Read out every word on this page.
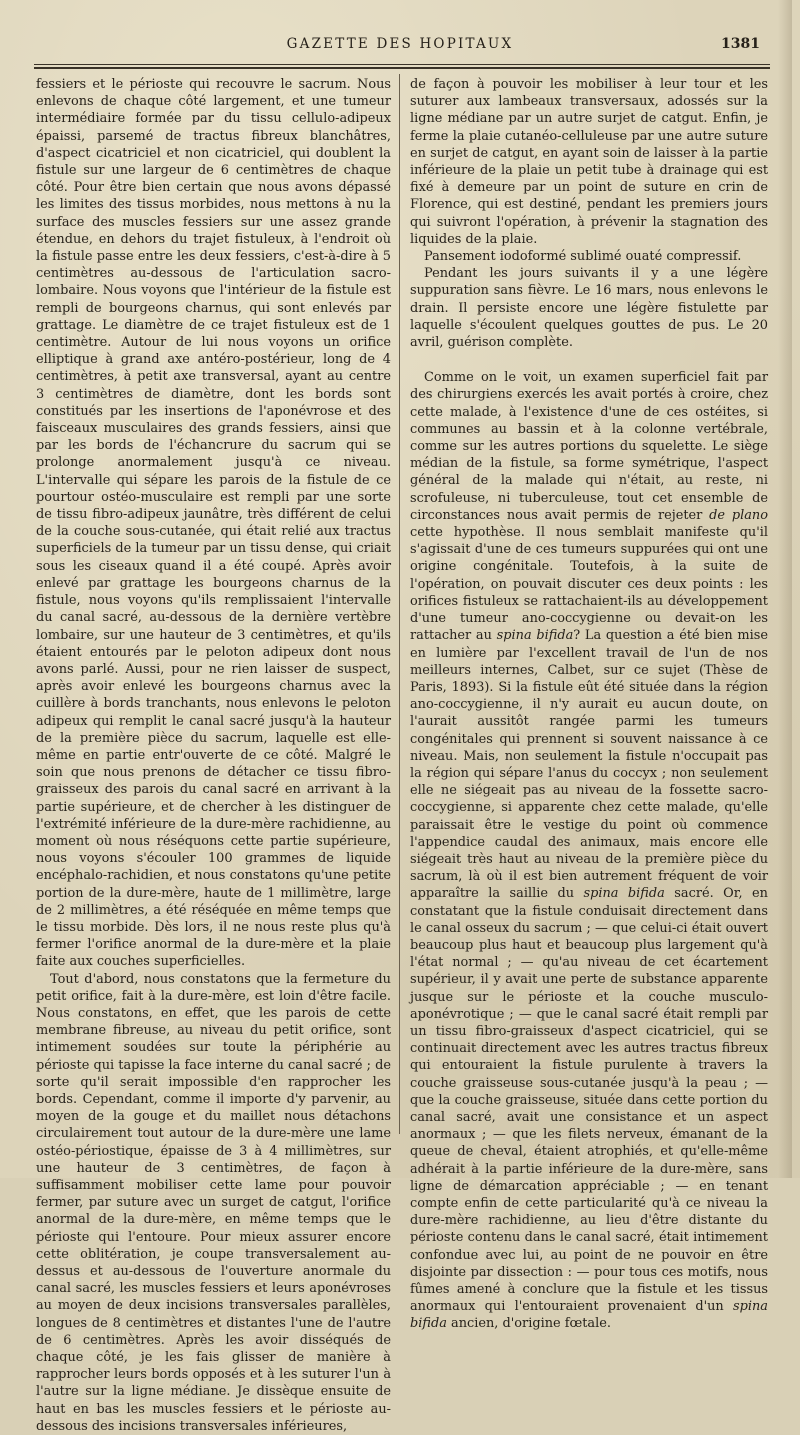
GAZETTE DES HOPITAUX	1381

fessiers et le périoste qui recouvre le sacrum. Nous enlevons de chaque côté largement, et une tumeur intermédiaire formée par du tissu cellulo-adipeux épaissi, parsemé de tractus fibreux blanchâtres, d'aspect cicatriciel et non cicatriciel, qui doublent la fistule sur une largeur de 6 centimètres de chaque côté. Pour être bien certain que nous avons dépassé les limites des tissus morbides, nous mettons à nu la surface des muscles fessiers sur une assez grande étendue, en dehors du trajet fistuleux, à l'endroit où la fistule passe entre les deux fessiers, c'est-à-dire à 5 centimètres au-dessous de l'articulation sacro-lombaire. Nous voyons que l'intérieur de la fistule est rempli de bourgeons charnus, qui sont enlevés par grattage. Le diamètre de ce trajet fistuleux est de 1 centimètre. Autour de lui nous voyons un orifice elliptique à grand axe antéro-postérieur, long de 4 centimètres, à petit axe transversal, ayant au centre 3 centimètres de diamètre, dont les bords sont constitués par les insertions de l'aponévrose et des faisceaux musculaires des grands fessiers, ainsi que par les bords de l'échancrure du sacrum qui se prolonge anormalement jusqu'à ce niveau. L'intervalle qui sépare les parois de la fistule de ce pourtour ostéo-musculaire est rempli par une sorte de tissu fibro-adipeux jaunâtre, très différent de celui de la couche sous-cutanée, qui était relié aux tractus superficiels de la tumeur par un tissu dense, qui criait sous les ciseaux quand il a été coupé. Après avoir enlevé par grattage les bourgeons charnus de la fistule, nous voyons qu'ils remplissaient l'intervalle du canal sacré, au-dessous de la dernière vertèbre lombaire, sur une hauteur de 3 centimètres, et qu'ils étaient entourés par le peloton adipeux dont nous avons parlé. Aussi, pour ne rien laisser de suspect, après avoir enlevé les bourgeons charnus avec la cuillère à bords tranchants, nous enlevons le peloton adipeux qui remplit le canal sacré jusqu'à la hauteur de la première pièce du sacrum, laquelle est elle-même en partie entr'ouverte de ce côté. Malgré le soin que nous prenons de détacher ce tissu fibro-graisseux des parois du canal sacré en arrivant à la partie supérieure, et de chercher à les distinguer de l'extrémité inférieure de la dure-mère rachidienne, au moment où nous réséquons cette partie supérieure, nous voyons s'écouler 100 grammes de liquide encéphalo-rachidien, et nous constatons qu'une petite portion de la dure-mère, haute de 1 millimètre, large de 2 millimètres, a été réséquée en même temps que le tissu morbide. Dès lors, il ne nous reste plus qu'à fermer l'orifice anormal de la dure-mère et la plaie faite aux couches superficielles.

Tout d'abord, nous constatons que la fermeture du petit orifice, fait à la dure-mère, est loin d'être facile. Nous constatons, en effet, que les parois de cette membrane fibreuse, au niveau du petit orifice, sont intimement soudées sur toute la périphérie au périoste qui tapisse la face interne du canal sacré ; de sorte qu'il serait impossible d'en rapprocher les bords. Cependant, comme il importe d'y parvenir, au moyen de la gouge et du maillet nous détachons circulairement tout autour de la dure-mère une lame ostéo-périostique, épaisse de 3 à 4 millimètres, sur une hauteur de 3 centimètres, de façon à suffisamment mobiliser cette lame pour pouvoir fermer, par suture avec un surget de catgut, l'orifice anormal de la dure-mère, en même temps que le périoste qui l'entoure. Pour mieux assurer encore cette oblitération, je coupe transversalement au-dessus et au-dessous de l'ouverture anormale du canal sacré, les muscles fessiers et leurs aponévroses au moyen de deux incisions transversales parallèles, longues de 8 centimètres et distantes l'une de l'autre de 6 centimètres. Après les avoir disséqués de chaque côté, je les fais glisser de manière à rapprocher leurs bords opposés et à les suturer l'un à l'autre sur la ligne médiane. Je dissèque ensuite de haut en bas les muscles fessiers et le périoste au-dessous des incisions transversales inférieures,

de façon à pouvoir les mobiliser à leur tour et les suturer aux lambeaux transversaux, adossés sur la ligne médiane par un autre surjet de catgut. Enfin, je ferme la plaie cutanéo-celluleuse par une autre suture en surjet de catgut, en ayant soin de laisser à la partie inférieure de la plaie un petit tube à drainage qui est fixé à demeure par un point de suture en crin de Florence, qui est destiné, pendant les premiers jours qui suivront l'opération, à prévenir la stagnation des liquides de la plaie.

Pansement iodoformé sublimé ouaté compressif.

Pendant les jours suivants il y a une légère suppuration sans fièvre. Le 16 mars, nous enlevons le drain. Il persiste encore une légère fistulette par laquelle s'écoulent quelques gouttes de pus. Le 20 avril, guérison complète.

Comme on le voit, un examen superficiel fait par des chirurgiens exercés les avait portés à croire, chez cette malade, à l'existence d'une de ces ostéites, si communes au bassin et à la colonne vertébrale, comme sur les autres portions du squelette. Le siège médian de la fistule, sa forme symétrique, l'aspect général de la malade qui n'était, au reste, ni scrofuleuse, ni tuberculeuse, tout cet ensemble de circonstances nous avait permis de rejeter de plano cette hypothèse. Il nous semblait manifeste qu'il s'agissait d'une de ces tumeurs suppurées qui ont une origine congénitale. Toutefois, à la suite de l'opération, on pouvait discuter ces deux points : les orifices fistuleux se rattachaient-ils au développement d'une tumeur ano-coccygienne ou devait-on les rattacher au spina bifida? La question a été bien mise en lumière par l'excellent travail de l'un de nos meilleurs internes, Calbet, sur ce sujet (Thèse de Paris, 1893). Si la fistule eût été située dans la région ano-coccygienne, il n'y aurait eu aucun doute, on l'aurait aussitôt rangée parmi les tumeurs congénitales qui prennent si souvent naissance à ce niveau. Mais, non seulement la fistule n'occupait pas la région qui sépare l'anus du coccyx ; non seulement elle ne siégeait pas au niveau de la fossette sacro-coccygienne, si apparente chez cette malade, qu'elle paraissait être le vestige du point où commence l'appendice caudal des animaux, mais encore elle siégeait très haut au niveau de la première pièce du sacrum, là où il est bien autrement fréquent de voir apparaître la saillie du spina bifida sacré. Or, en constatant que la fistule conduisait directement dans le canal osseux du sacrum ; — que celui-ci était ouvert beaucoup plus haut et beaucoup plus largement qu'à l'état normal ; — qu'au niveau de cet écartement supérieur, il y avait une perte de substance apparente jusque sur le périoste et la couche musculo-aponévrotique ; — que le canal sacré était rempli par un tissu fibro-graisseux d'aspect cicatriciel, qui se continuait directement avec les autres tractus fibreux qui entouraient la fistule purulente à travers la couche graisseuse sous-cutanée jusqu'à la peau ; — que la couche graisseuse, située dans cette portion du canal sacré, avait une consistance et un aspect anormaux ; — que les filets nerveux, émanant de la queue de cheval, étaient atrophiés, et qu'elle-même adhérait à la partie inférieure de la dure-mère, sans ligne de démarcation appréciable ; — en tenant compte enfin de cette particularité qu'à ce niveau la dure-mère rachidienne, au lieu d'être distante du périoste contenu dans le canal sacré, était intimement confondue avec lui, au point de ne pouvoir en être disjointe par dissection : — pour tous ces motifs, nous fûmes amené à conclure que la fistule et les tissus anormaux qui l'entouraient provenaient d'un spina bifida ancien, d'origine fœtale.
